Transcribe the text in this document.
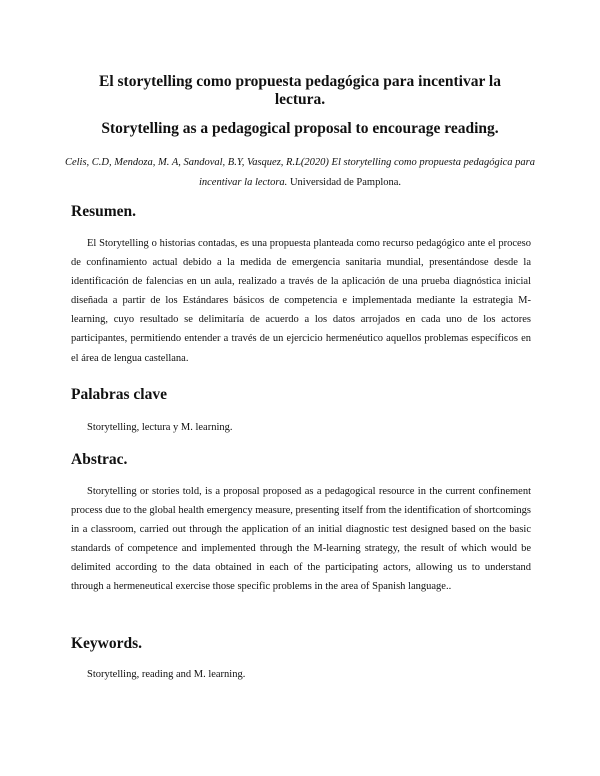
El storytelling como propuesta pedagógica para incentivar la lectura.
Storytelling as a pedagogical proposal to encourage reading.
Celis, C.D, Mendoza, M. A, Sandoval, B.Y, Vasquez, R.L(2020) El storytelling como propuesta pedagógica para incentivar la lectora. Universidad de Pamplona.
Resumen.

El Storytelling o historias contadas, es una propuesta planteada como recurso pedagógico ante el proceso de confinamiento actual debido a la medida de emergencia sanitaria mundial, presentándose desde la identificación de falencias en un aula, realizado a través de la aplicación de una prueba diagnóstica inicial diseñada a partir de los Estándares básicos de competencia e implementada mediante la estrategia M- learning, cuyo resultado se delimitaría de acuerdo a los datos arrojados en cada uno de los actores participantes, permitiendo entender a través de un ejercicio hermenéutico aquellos problemas específicos en el área de lengua castellana.

Palabras clave

Storytelling, lectura y M. learning.

Abstrac.

Storytelling or stories told, is a proposal proposed as a pedagogical resource in the current confinement process due to the global health emergency measure, presenting itself from the identification of shortcomings in a classroom, carried out through the application of an initial diagnostic test designed based on the basic standards of competence and implemented through the M-learning strategy, the result of which would be delimited according to the data obtained in each of the participating actors, allowing us to understand through a hermeneutical exercise those specific problems in the area of Spanish language..

Keywords.

Storytelling, reading and M. learning.
